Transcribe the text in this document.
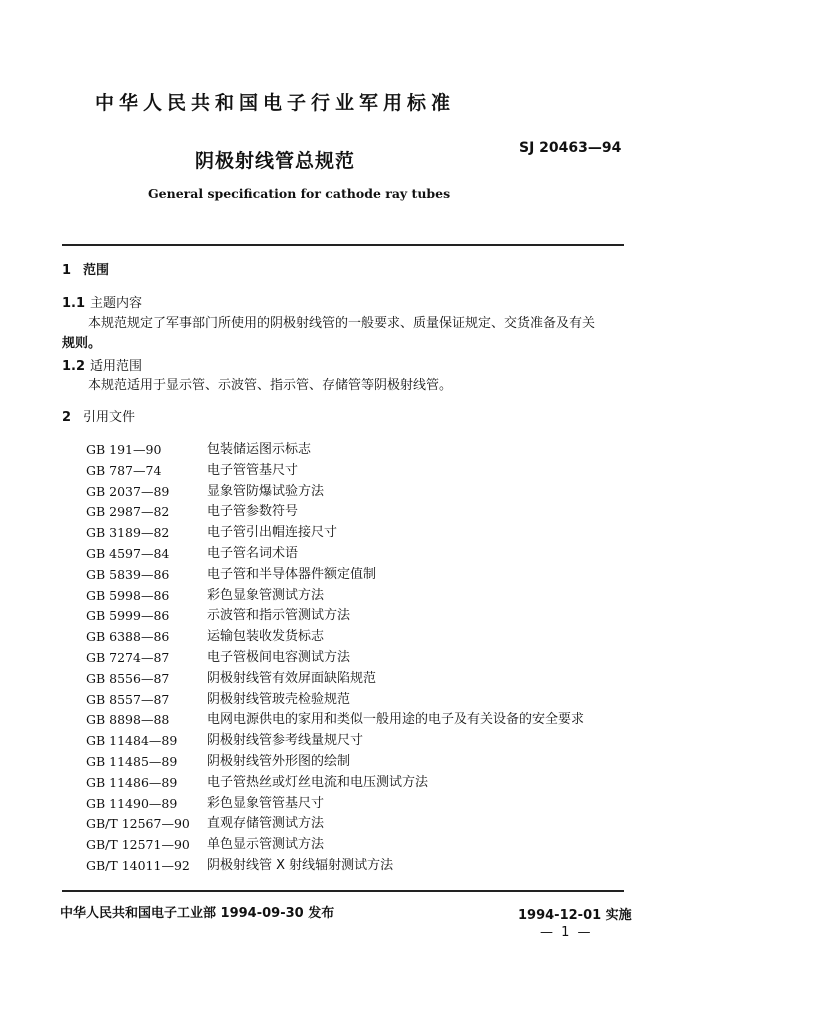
中华人民共和国电子行业军用标准
阴极射线管总规范
SJ 20463—94
General specification for cathode ray tubes
1 范围
1.1 主题内容
本规范规定了军事部门所使用的阴极射线管的一般要求、质量保证规定、交货准备及有关
规则。
1.2 适用范围
本规范适用于显示管、示波管、指示管、存储管等阴极射线管。
2 引用文件
GB 191—90	包装储运图示标志
GB 787—74	电子管管基尺寸
GB 2037—89	显象管防爆试验方法
GB 2987—82	电子管参数符号
GB 3189—82	电子管引出帽连接尺寸
GB 4597—84	电子管名词术语
GB 5839—86	电子管和半导体器件额定值制
GB 5998—86	彩色显象管测试方法
GB 5999—86	示波管和指示管测试方法
GB 6388—86	运输包装收发货标志
GB 7274—87	电子管极间电容测试方法
GB 8556—87	阴极射线管有效屏面缺陷规范
GB 8557—87	阴极射线管玻壳检验规范
GB 8898—88	电网电源供电的家用和类似一般用途的电子及有关设备的安全要求
GB 11484—89	阴极射线管参考线量规尺寸
GB 11485—89	阴极射线管外形图的绘制
GB 11486—89	电子管热丝或灯丝电流和电压测试方法
GB 11490—89	彩色显象管管基尺寸
GB/T 12567—90	直观存储管测试方法
GB/T 12571—90	单色显示管测试方法
GB/T 14011—92	阴极射线管 X 射线辐射测试方法
中华人民共和国电子工业部 1994-09-30 发布	1994-12-01 实施
— 1 —
